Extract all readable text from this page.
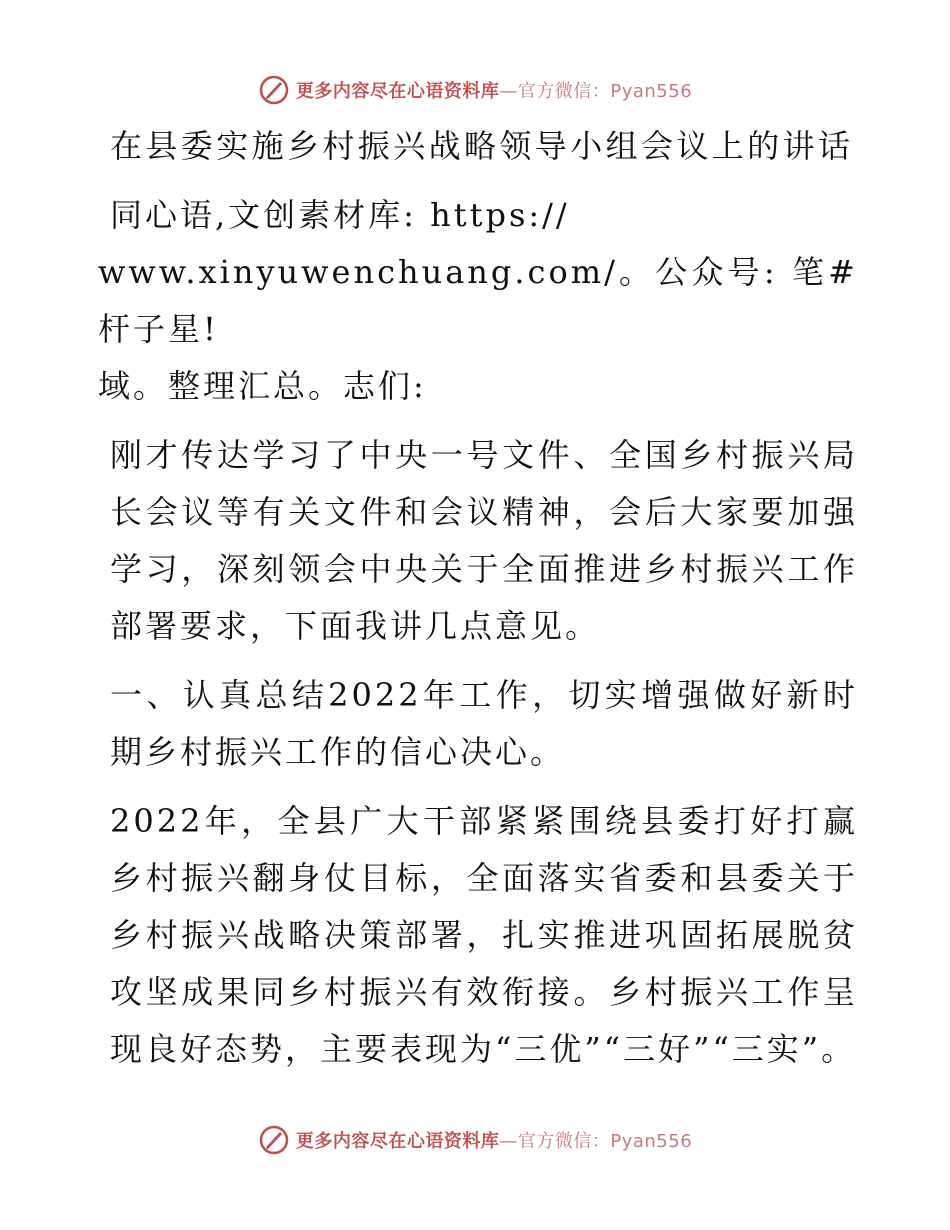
更多内容尽在心语资料库—官方微信：Pyan556

在县委实施乡村振兴战略领导小组会议上的讲话

同心语,文创素材库: https://
www.xinyuwenchuang.com/。公众号: 笔#杆子星!
域。整理汇总。志们:

刚才传达学习了中央一号文件、全国乡村振兴局长会议等有关文件和会议精神，会后大家要加强学习，深刻领会中央关于全面推进乡村振兴工作部署要求，下面我讲几点意见。

一、认真总结2022年工作，切实增强做好新时期乡村振兴工作的信心决心。

2022年，全县广大干部紧紧围绕县委打好打赢乡村振兴翻身仗目标，全面落实省委和县委关于乡村振兴战略决策部署，扎实推进巩固拓展脱贫攻坚成果同乡村振兴有效衔接。乡村振兴工作呈现良好态势，主要表现为“三优”“三好”“三实”。

更多内容尽在心语资料库—官方微信：Pyan556
